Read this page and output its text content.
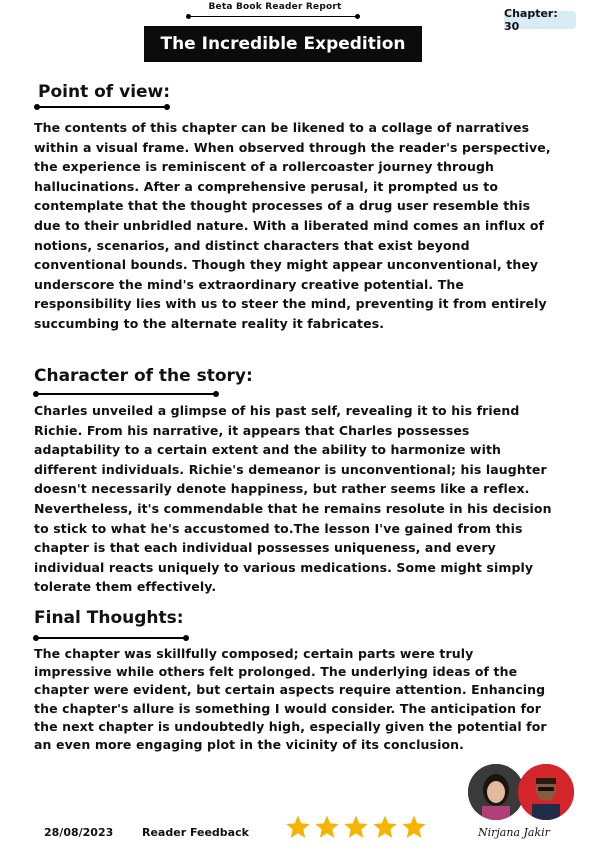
Beta Book Reader Report
The Incredible Expedition
Chapter: 30
Point of view:
The contents of this chapter can be likened to a collage of narratives within a visual frame. When observed through the reader's perspective, the experience is reminiscent of a rollercoaster journey through hallucinations. After a comprehensive perusal, it prompted us to contemplate that the thought processes of a drug user resemble this due to their unbridled nature. With a liberated mind comes an influx of notions, scenarios, and distinct characters that exist beyond conventional bounds. Though they might appear unconventional, they underscore the mind's extraordinary creative potential. The responsibility lies with us to steer the mind, preventing it from entirely succumbing to the alternate reality it fabricates.
Character of the story:
Charles unveiled a glimpse of his past self, revealing it to his friend Richie. From his narrative, it appears that Charles possesses adaptability to a certain extent and the ability to harmonize with different individuals. Richie's demeanor is unconventional; his laughter doesn't necessarily denote happiness, but rather seems like a reflex. Nevertheless, it's commendable that he remains resolute in his decision to stick to what he's accustomed to.The lesson I've gained from this chapter is that each individual possesses uniqueness, and every individual reacts uniquely to various medications. Some might simply tolerate them effectively.
Final Thoughts:
The chapter was skillfully composed; certain parts were truly impressive while others felt prolonged. The underlying ideas of the chapter were evident, but certain aspects require attention. Enhancing the chapter's allure is something I would consider. The anticipation for the next chapter is undoubtedly high, especially given the potential for an even more engaging plot in the vicinity of its conclusion.
28/08/2023	Reader Feedback	Nirjana Jakir
